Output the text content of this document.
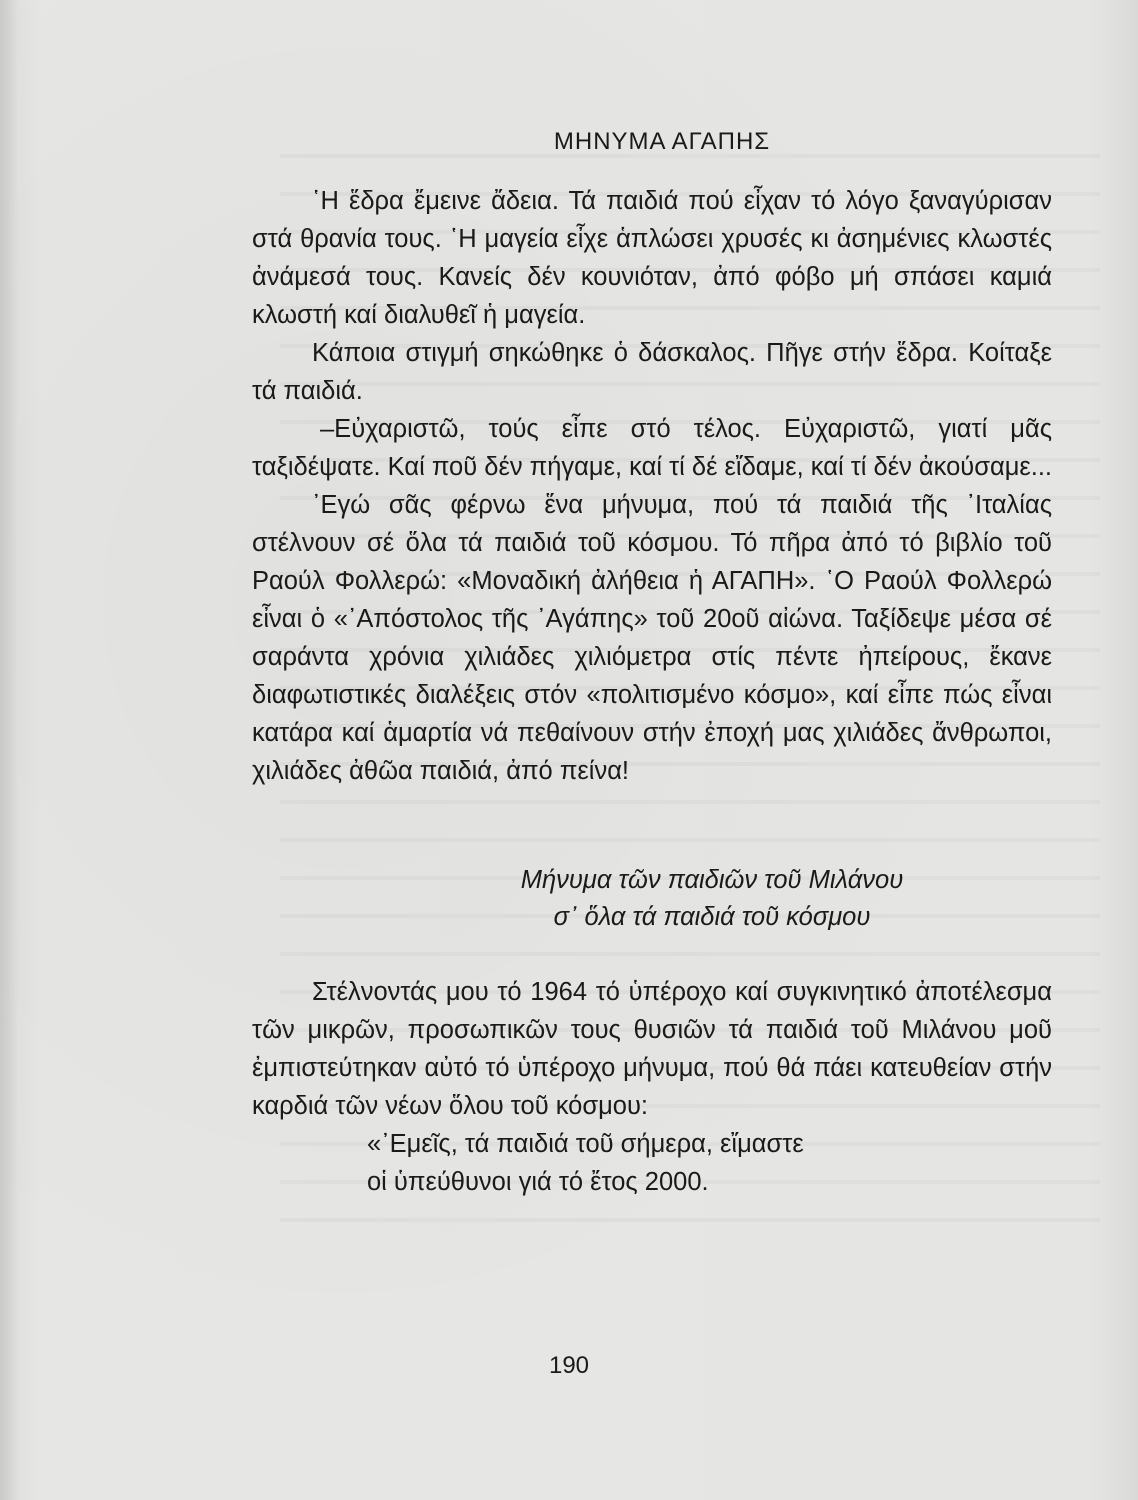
ΜΗΝΥΜΑ ΑΓΑΠΗΣ

῾Η ἕδρα ἔμεινε ἄδεια. Τά παιδιά πού εἶχαν τό λόγο ξαναγύρισαν στά θρανία τους. ῾Η μαγεία εἶχε ἁπλώσει χρυσές κι ἀσημένιες κλωστές ἀνάμεσά τους. Κανείς δέν κουνιόταν, ἀπό φόβο μή σπάσει καμιά κλωστή καί διαλυθεῖ ἡ μαγεία.

Κάποια στιγμή σηκώθηκε ὁ δάσκαλος. Πῆγε στήν ἕδρα. Κοίταξε τά παιδιά.

–Εὐχαριστῶ, τούς εἶπε στό τέλος. Εὐχαριστῶ, γιατί μᾶς ταξιδέψατε. Καί ποῦ δέν πήγαμε, καί τί δέ εἴδαμε, καί τί δέν ἀκούσαμε...

᾿Εγώ σᾶς φέρνω ἕνα μήνυμα, πού τά παιδιά τῆς ᾿Ιταλίας στέλνουν σέ ὅλα τά παιδιά τοῦ κόσμου. Τό πῆρα ἀπό τό βιβλίο τοῦ Ραούλ Φολλερώ: «Μοναδική ἀλήθεια ἡ ΑΓΑΠΗ». ῾Ο Ραούλ Φολλερώ εἶναι ὁ «᾿Απόστολος τῆς ᾿Αγάπης» τοῦ 20οῦ αἰώνα. Ταξίδεψε μέσα σέ σαράντα χρόνια χιλιάδες χιλιόμετρα στίς πέντε ἠπείρους, ἔκανε διαφωτιστικές διαλέξεις στόν «πολιτισμένο κόσμο», καί εἶπε πώς εἶναι κατάρα καί ἁμαρτία νά πεθαίνουν στήν ἐποχή μας χιλιάδες ἄνθρωποι, χιλιάδες ἀθῶα παιδιά, ἀπό πείνα!

Μήνυμα τῶν παιδιῶν τοῦ Μιλάνου
σ᾿ ὅλα τά παιδιά τοῦ κόσμου

Στέλνοντάς μου τό 1964 τό ὑπέροχο καί συγκινητικό ἀποτέλεσμα τῶν μικρῶν, προσωπικῶν τους θυσιῶν τά παιδιά τοῦ Μιλάνου μοῦ ἐμπιστεύτηκαν αὐτό τό ὑπέροχο μήνυμα, πού θά πάει κατευθείαν στήν καρδιά τῶν νέων ὅλου τοῦ κόσμου:

«᾿Εμεῖς, τά παιδιά τοῦ σήμερα, εἴμαστε
οἱ ὑπεύθυνοι γιά τό ἔτος 2000.
190
